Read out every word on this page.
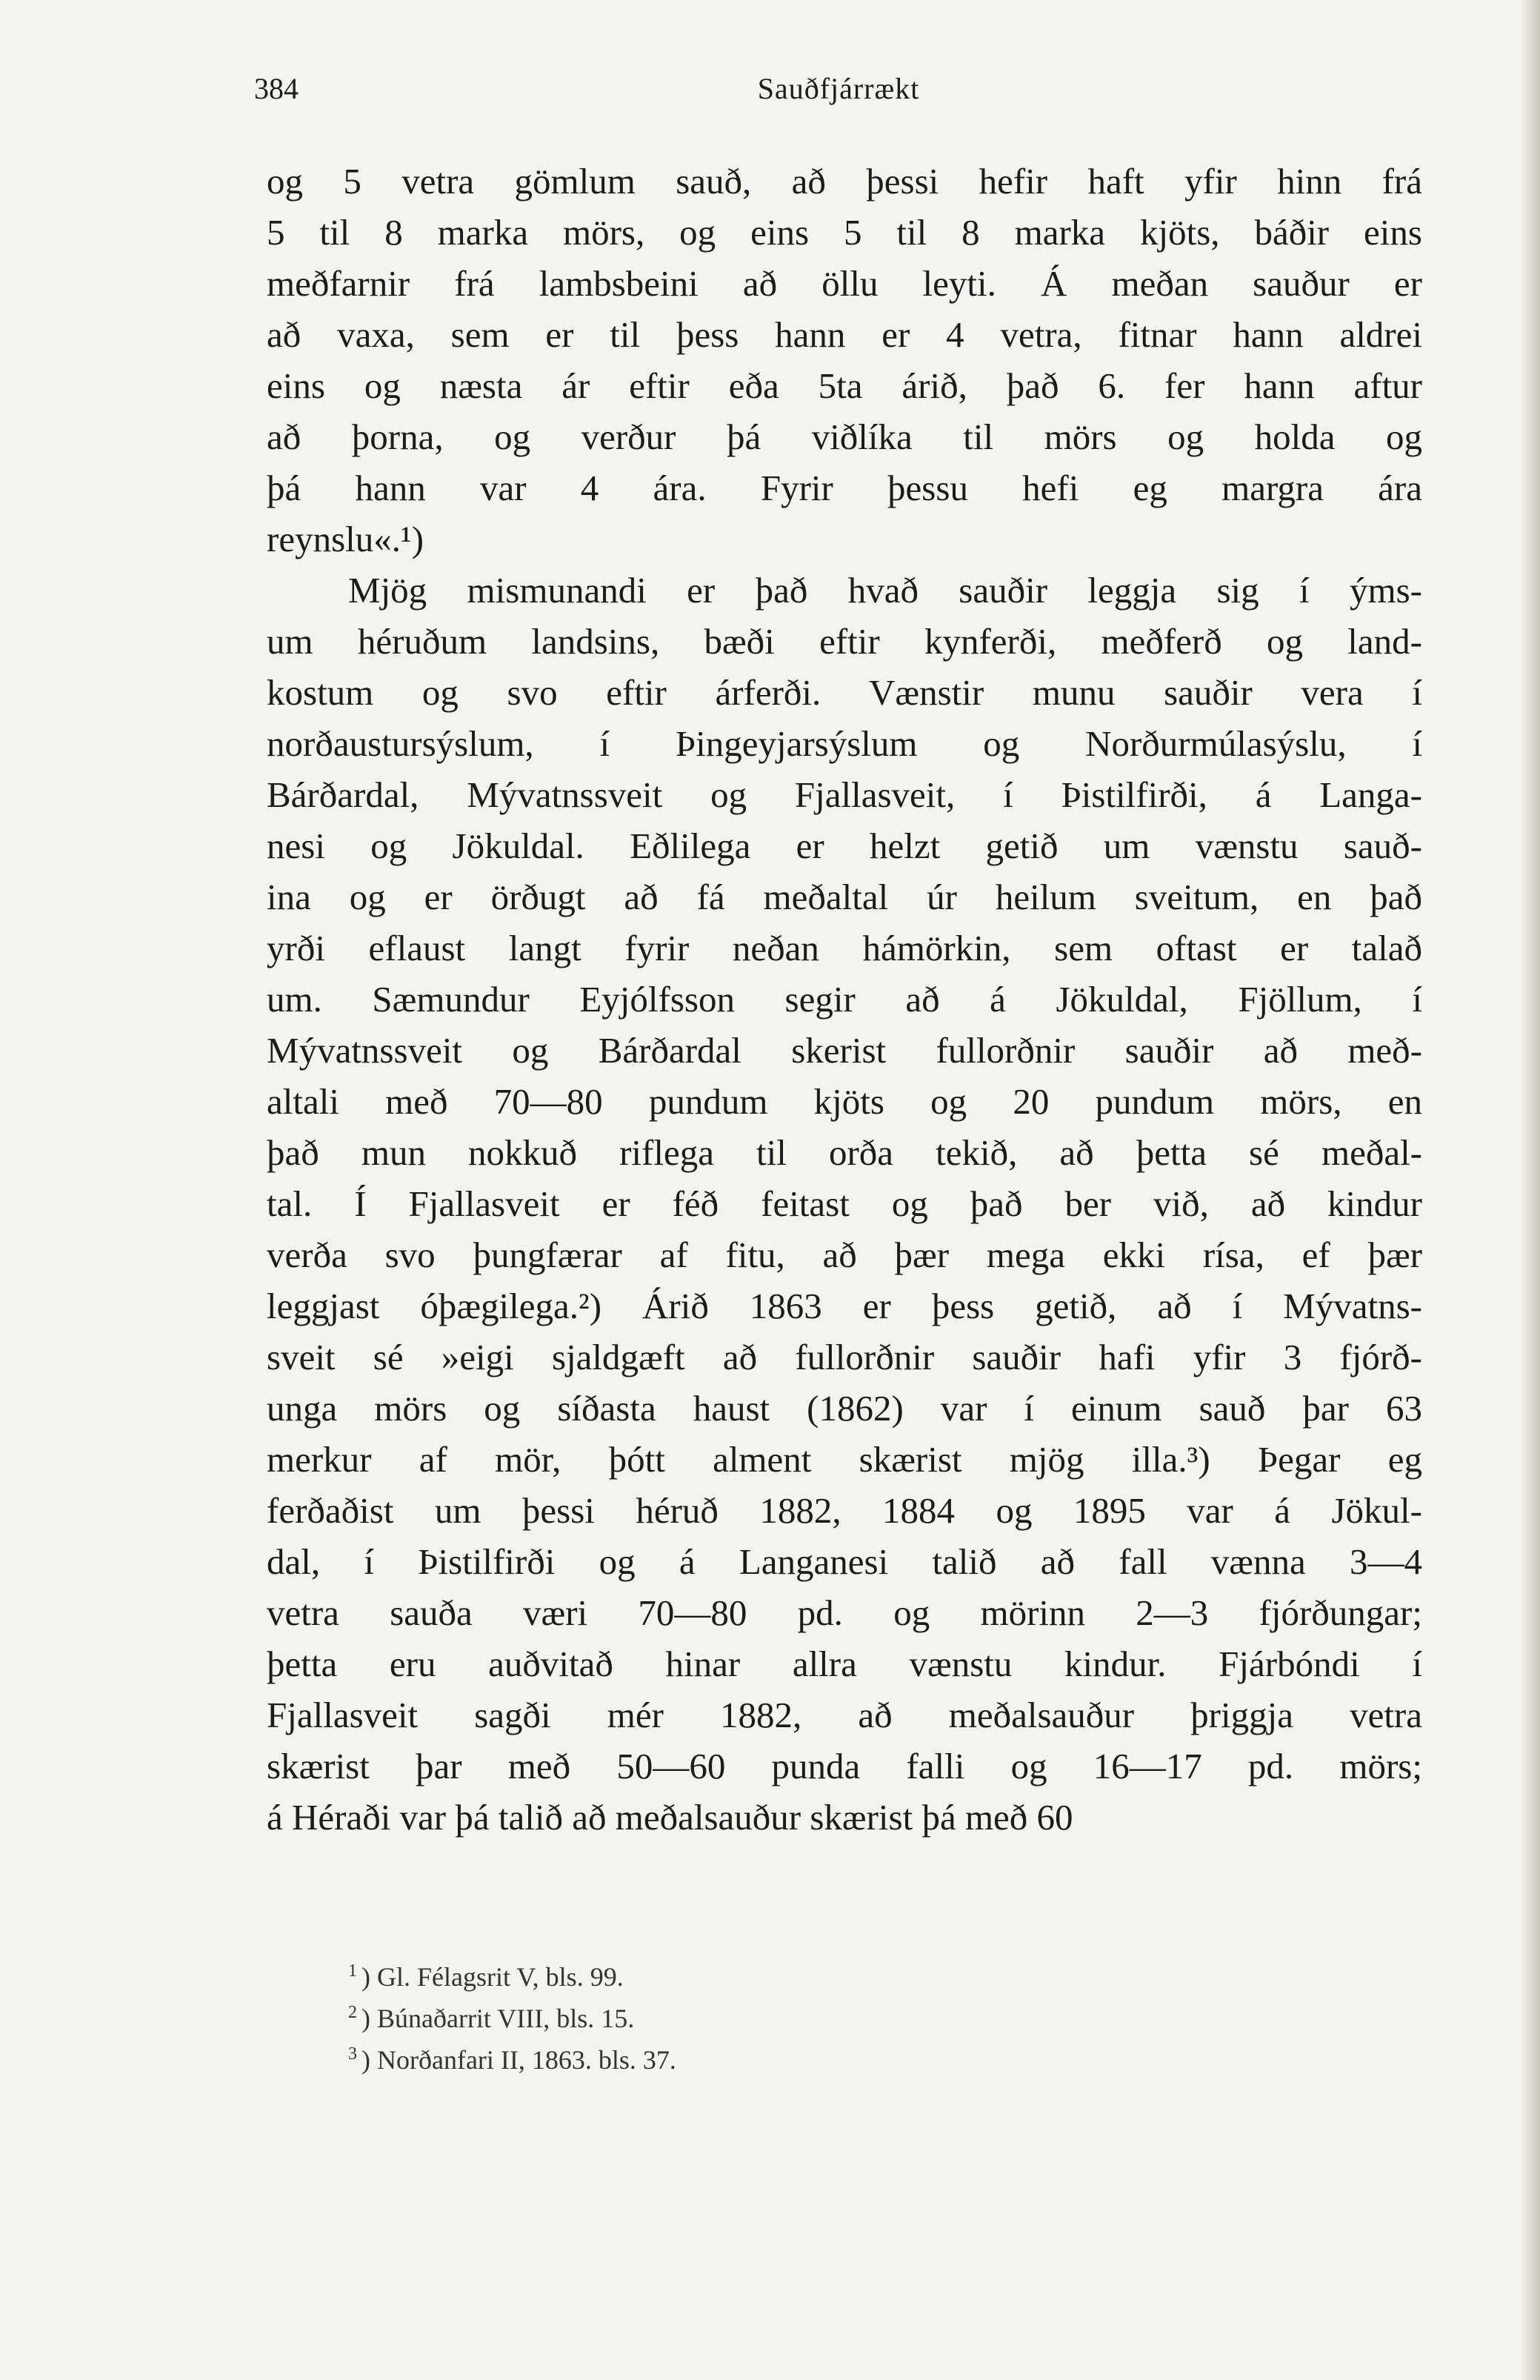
384	Sauðfjárrækt
og 5 vetra gömlum sauð, að þessi hefir haft yfir hinn frá
5 til 8 marka mörs, og eins 5 til 8 marka kjöts, báðir eins
meðfarnir frá lambsbeini að öllu leyti. Á meðan sauður er
að vaxa, sem er til þess hann er 4 vetra, fitnar hann aldrei
eins og næsta ár eftir eða 5ta árið, það 6. fer hann aftur
að þorna, og verður þá viðlíka til mörs og holda og
þá hann var 4 ára. Fyrir þessu hefi eg margra ára
reynslu«.¹)
Mjög mismunandi er það hvað sauðir leggja sig í ýms-
um héruðum landsins, bæði eftir kynferði, meðferð og land-
kostum og svo eftir árferði. Vænstir munu sauðir vera í
norðaustursýslum, í Þingeyjarsýslum og Norðurmúlasýslu, í
Bárðardal, Mývatnssveit og Fjallasveit, í Þistilfirði, á Langa-
nesi og Jökuldal. Eðlilega er helzt getið um vænstu sauð-
ina og er örðugt að fá meðaltal úr heilum sveitum, en það
yrði eflaust langt fyrir neðan hámörkin, sem oftast er talað
um. Sæmundur Eyjólfsson segir að á Jökuldal, Fjöllum, í
Mývatnssveit og Bárðardal skerist fullorðnir sauðir að með-
altali með 70—80 pundum kjöts og 20 pundum mörs, en
það mun nokkuð riflega til orða tekið, að þetta sé meðal-
tal. Í Fjallasveit er féð feitast og það ber við, að kindur
verða svo þungfærar af fitu, að þær mega ekki rísa, ef þær
leggjast óþægilega.²) Árið 1863 er þess getið, að í Mývatns-
sveit sé »eigi sjaldgæft að fullorðnir sauðir hafi yfir 3 fjórð-
unga mörs og síðasta haust (1862) var í einum sauð þar 63
merkur af mör, þótt alment skærist mjög illa.³) Þegar eg
ferðaðist um þessi héruð 1882, 1884 og 1895 var á Jökul-
dal, í Þistilfirði og á Langanesi talið að fall vænna 3—4
vetra sauða væri 70—80 pd. og mörinn 2—3 fjórðungar;
þetta eru auðvitað hinar allra vænstu kindur. Fjárbóndi í
Fjallasveit sagði mér 1882, að meðalsauður þriggja vetra
skærist þar með 50—60 punda falli og 16—17 pd. mörs;
á Héraði var þá talið að meðalsauður skærist þá með 60
$^1$ ) Gl. Félagsrit V, bls. 99.
$^2$ ) Búnaðarrit VIII, bls. 15.
$^3$ ) Norðanfari II, 1863. bls. 37.
